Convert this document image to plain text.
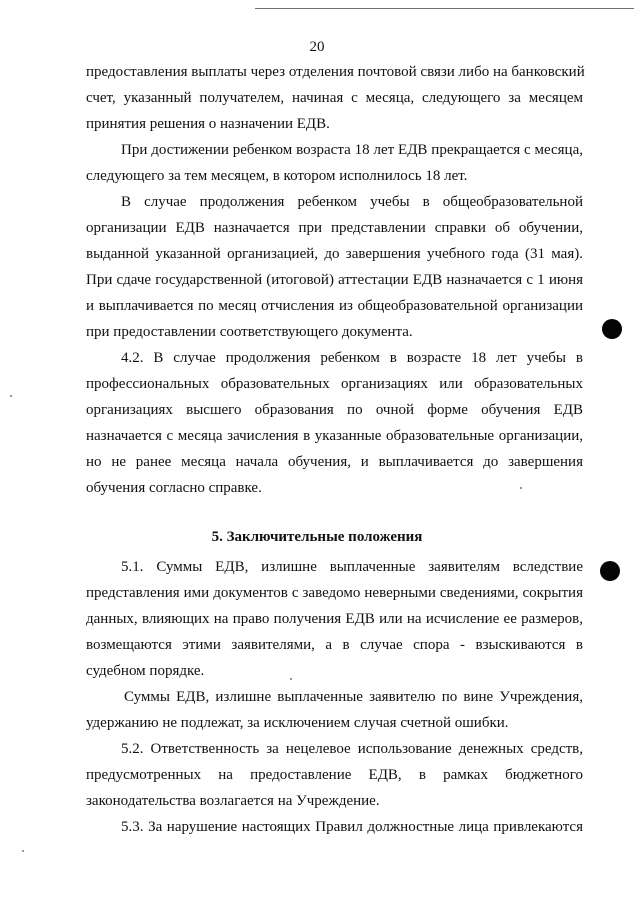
20
предоставления выплаты через отделения почтовой связи либо на банковский
счет, указанный получателем, начиная с месяца, следующего за месяцем
принятия решения о назначении ЕДВ.
При достижении ребенком возраста 18 лет ЕДВ прекращается с месяца,
следующего за тем месяцем, в котором исполнилось 18 лет.
В случае продолжения ребенком учебы в общеобразовательной
организации ЕДВ назначается при представлении справки об обучении,
выданной указанной организацией, до завершения учебного года (31 мая).
При сдаче государственной (итоговой) аттестации ЕДВ назначается с 1 июня
и выплачивается по месяц отчисления из общеобразовательной организации
при предоставлении соответствующего документа.
4.2. В случае продолжения ребенком в возрасте 18 лет учебы в
профессиональных образовательных организациях или образовательных
организациях высшего образования по очной форме обучения ЕДВ
назначается с месяца зачисления в указанные образовательные организации,
но не ранее месяца начала обучения, и выплачивается до завершения
обучения согласно справке.
5. Заключительные положения
5.1. Суммы ЕДВ, излишне выплаченные заявителям вследствие
представления ими документов с заведомо неверными сведениями, сокрытия
данных, влияющих на право получения ЕДВ или на исчисление ее размеров,
возмещаются этими заявителями, а в случае спора - взыскиваются в
судебном порядке.
Суммы ЕДВ, излишне выплаченные заявителю по вине Учреждения,
удержанию не подлежат, за исключением случая счетной ошибки.
5.2. Ответственность за нецелевое использование денежных средств,
предусмотренных на предоставление ЕДВ, в рамках бюджетного
законодательства возлагается на Учреждение.
5.3. За нарушение настоящих Правил должностные лица привлекаются
